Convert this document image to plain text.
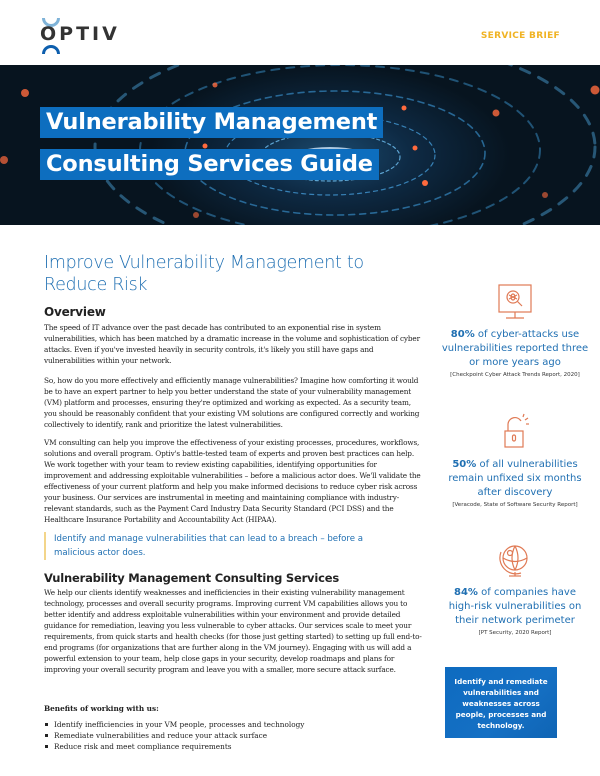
OPTIV	SERVICE BRIEF
Vulnerability Management
Consulting Services Guide
Improve Vulnerability Management to Reduce Risk
Overview

The speed of IT advance over the past decade has contributed to an exponential rise in system vulnerabilities, which has been matched by a dramatic increase in the volume and sophistication of cyber attacks. Even if you've invested heavily in security controls, it's likely you still have gaps and vulnerabilities within your network.

So, how do you more effectively and efficiently manage vulnerabilities? Imagine how comforting it would be to have an expert partner to help you better understand the state of your vulnerability management (VM) platform and processes, ensuring they're optimized and working as expected. As a security team, you should be reasonably confident that your existing VM solutions are configured correctly and working collectively to identify, rank and prioritize the latest vulnerabilities.

VM consulting can help you improve the effectiveness of your existing processes, procedures, workflows, solutions and overall program. Optiv's battle-tested team of experts and proven best practices can help. We work together with your team to review existing capabilities, identifying opportunities for improvement and addressing exploitable vulnerabilities – before a malicious actor does. We'll validate the effectiveness of your current platform and help you make informed decisions to reduce cyber risk across your business. Our services are instrumental in meeting and maintaining compliance with industry-relevant standards, such as the Payment Card Industry Data Security Standard (PCI DSS) and the Healthcare Insurance Portability and Accountability Act (HIPAA).

Identify and manage vulnerabilities that can lead to a breach – before a malicious actor does.
Vulnerability Management Consulting Services

We help our clients identify weaknesses and inefficiencies in their existing vulnerability management technology, processes and overall security programs. Improving current VM capabilities allows you to better identify and address exploitable vulnerabilities within your environment and provide detailed guidance for remediation, leaving you less vulnerable to cyber attacks. Our services scale to meet your requirements, from quick starts and health checks (for those just getting started) to setting up full end-to-end programs (for organizations that are further along in the VM journey). Engaging with us will add a powerful extension to your team, help close gaps in your security, develop roadmaps and plans for improving your overall security program and leave you with a smaller, more secure attack surface.

Benefits of working with us:
Identify inefficiencies in your VM people, processes and technology
Remediate vulnerabilities and reduce your attack surface
Reduce risk and meet compliance requirements
80% of cyber-attacks use vulnerabilities reported three or more years ago
[Checkpoint Cyber Attack Trends Report, 2020]
50% of all vulnerabilities remain unfixed six months after discovery
[Veracode, State of Software Security Report]
84% of companies have high-risk vulnerabilities on their network perimeter
[PT Security, 2020 Report]
Identify and remediate vulnerabilities and weaknesses across people, processes and technology.
